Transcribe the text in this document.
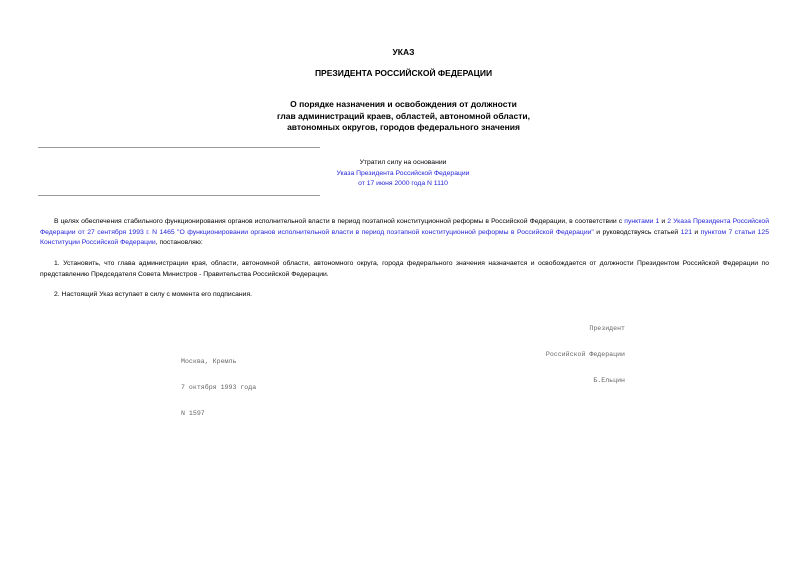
УКАЗ
ПРЕЗИДЕНТА РОССИЙСКОЙ ФЕДЕРАЦИИ
О порядке назначения и освобождения от должности
глав администраций краев, областей, автономной области,
автономных округов, городов федерального значения
Утратил силу на основании
Указа Президента Российской Федерации
от 17 июня 2000 года N 1110
В целях обеспечения стабильного функционирования органов исполнительной власти в период поэтапной конституционной реформы в Российской Федерации, в соответствии с пунктами 1 и 2 Указа Президента Российской Федерации от 27 сентября 1993 г. N 1465 "О функционировании органов исполнительной власти в период поэтапной конституционной реформы в Российской Федерации" и руководствуясь статьей 121 и пунктом 7 статьи 125 Конституции Российской Федерации, постановляю:
1. Установить, что глава администрации края, области, автономной области, автономного округа, города федерального значения назначается и освобождается от должности Президентом Российской Федерации по представлению Председателя Совета Министров - Правительства Российской Федерации.
2. Настоящий Указ вступает в силу с момента его подписания.

Президент

Российской Федерации

Б.Ельцин

Москва, Кремль

7 октября 1993 года

N 1597
